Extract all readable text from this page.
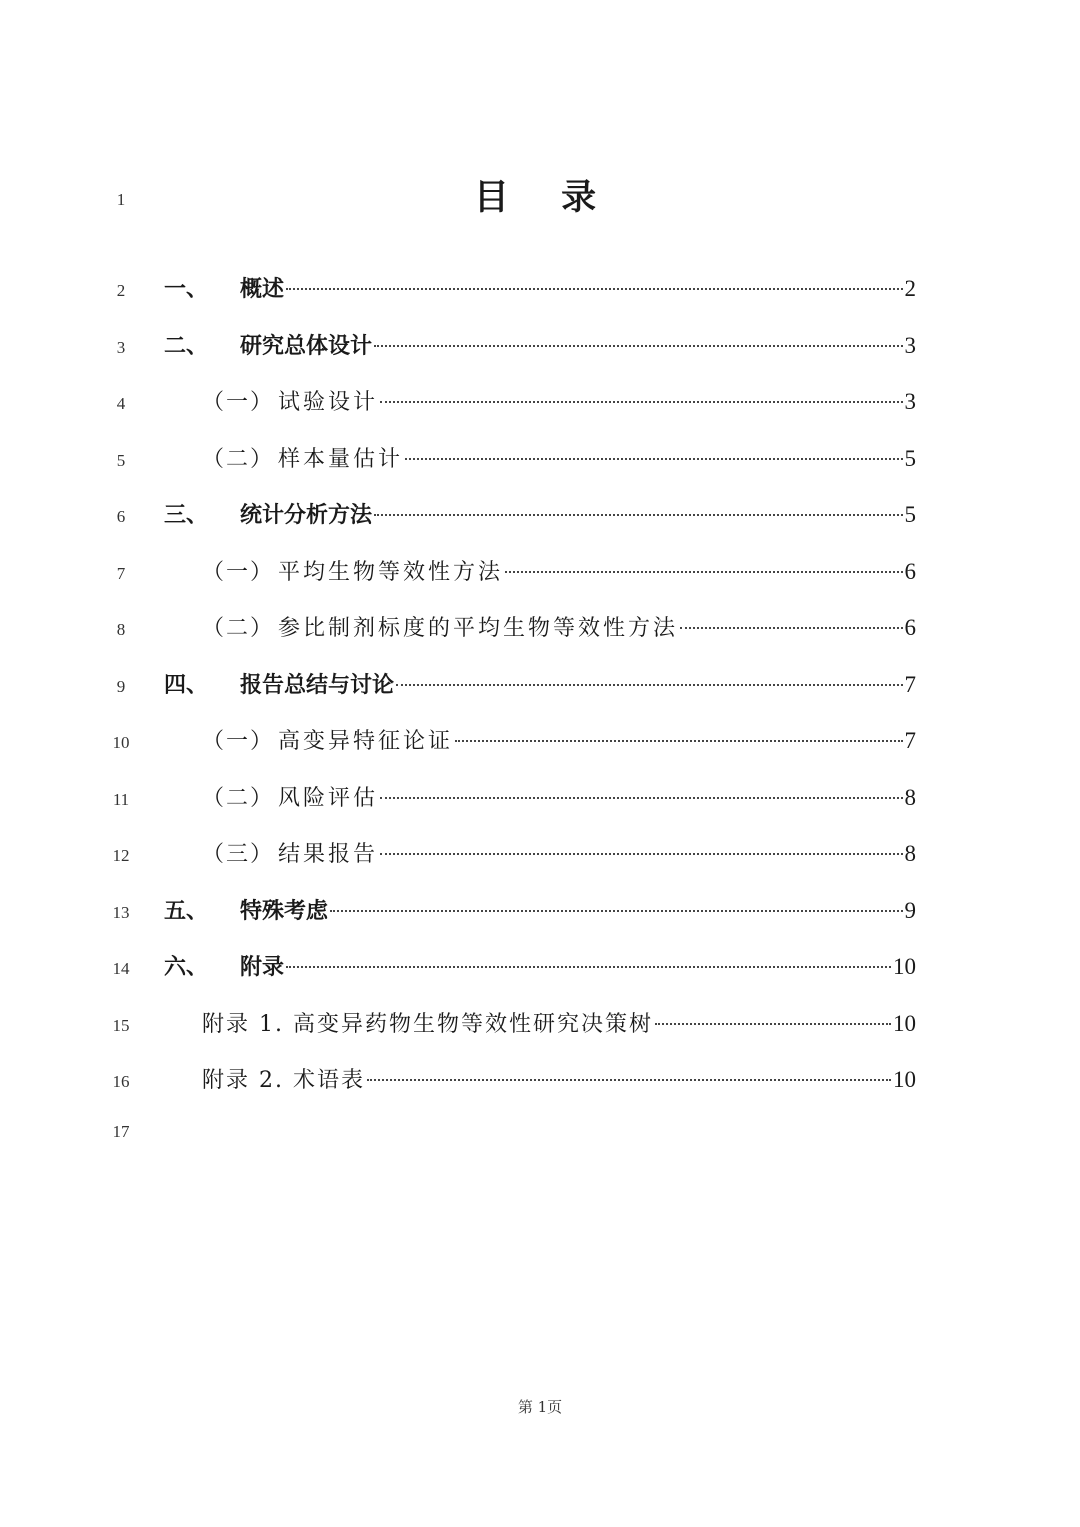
1
2
3
4
5
6
7
8
9
10
11
12
13
14
15
16
17
目 录
一、	概述	2
二、	研究总体设计	3
（一） 试验设计	3
（二） 样本量估计	5
三、	统计分析方法	5
（一） 平均生物等效性方法	6
（二） 参比制剂标度的平均生物等效性方法	6
四、	报告总结与讨论	7
（一） 高变异特征论证	7
（二） 风险评估	8
（三） 结果报告	8
五、	特殊考虑	9
六、	附录	10
附录 1. 高变异药物生物等效性研究决策树	10
附录 2. 术语表	10
第 1页
